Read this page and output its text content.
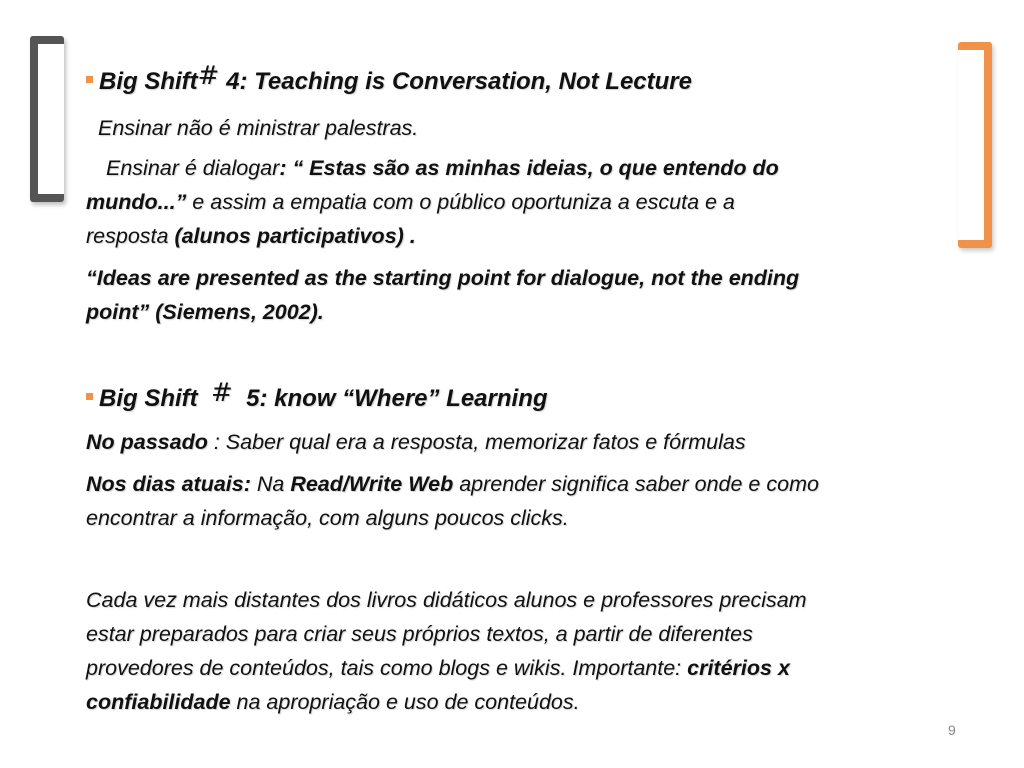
Big Shift# 4: Teaching is Conversation, Not Lecture

Ensinar não é ministrar palestras.

Ensinar é dialogar: “ Estas são as minhas ideias, o que entendo do

mundo...” e assim a empatia com o público oportuniza a escuta e a

resposta (alunos participativos) .

“Ideas are presented as the starting point for dialogue, not the ending

point” (Siemens, 2002).

Big Shift # 5: know “Where” Learning

No passado : Saber qual era a resposta, memorizar fatos e fórmulas

Nos dias atuais: Na Read/Write Web aprender significa saber onde e como

encontrar a informação, com alguns poucos clicks.

Cada vez mais distantes dos livros didáticos alunos e professores precisam

estar preparados para criar seus próprios textos, a partir de diferentes

provedores de conteúdos, tais como blogs e wikis. Importante: critérios x

confiabilidade na apropriação e uso de conteúdos.

9
